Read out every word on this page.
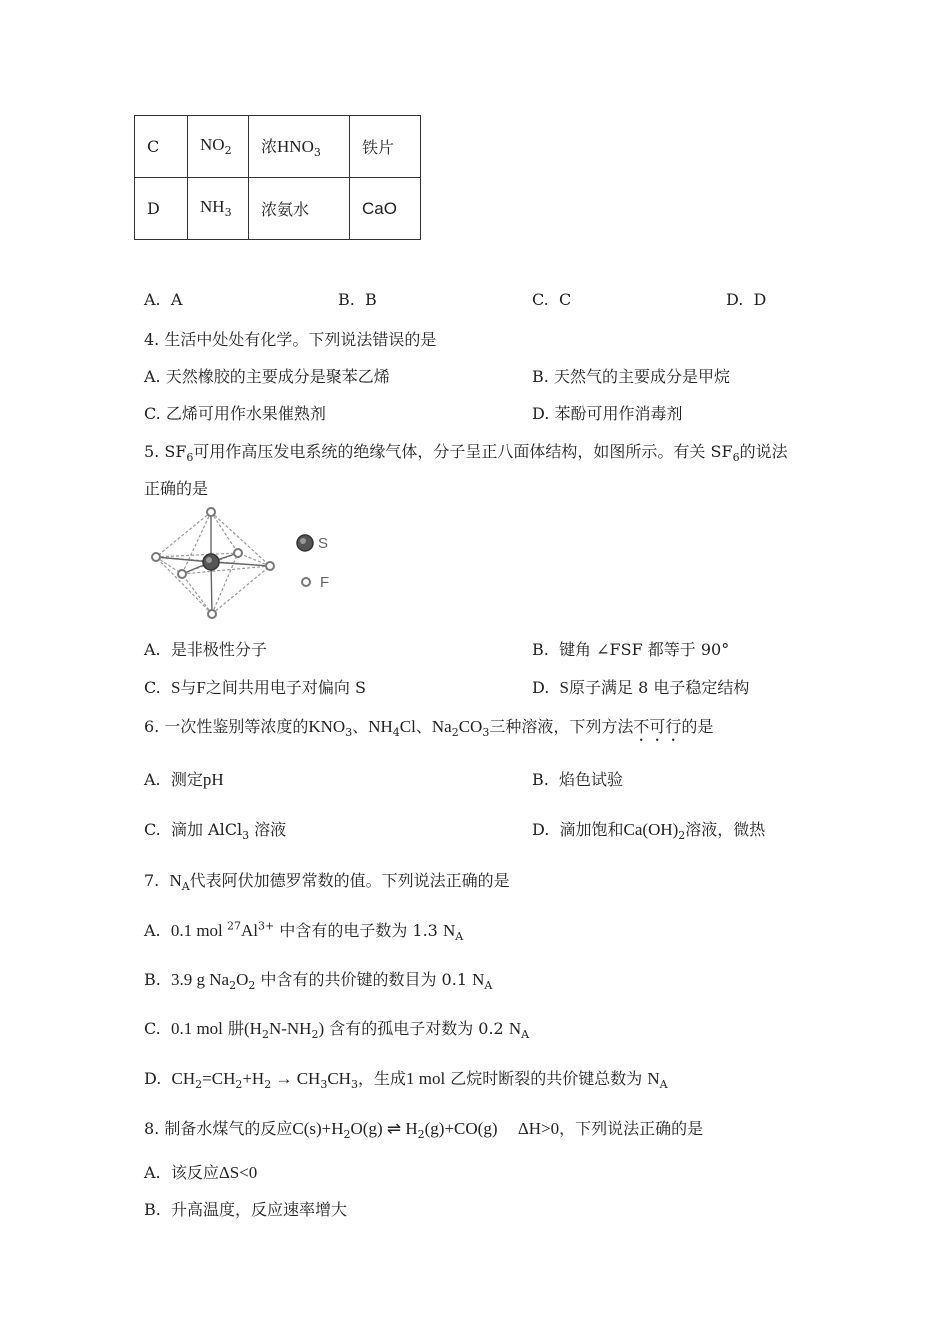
C	$NO_2$	浓$HNO_3$	铁片
D	$NH_3$	浓氨水	CaO
A. A	B. B	C. C	D. D
4. 生活中处处有化学。下列说法错误的是
A. 天然橡胶的主要成分是聚苯乙烯	B. 天然气的主要成分是甲烷
C. 乙烯可用作水果催熟剂	D. 苯酚可用作消毒剂
5. $SF_6$可用作高压发电系统的绝缘气体，分子呈正八面体结构，如图所示。有关 $SF_6$的说法
正确的是
S
F
A. 是非极性分子	B. 键角 ∠FSF 都等于 90°
C. S与F之间共用电子对偏向 S	D. S原子满足 8 电子稳定结构
6. 一次性鉴别等浓度的$KNO_3$、$NH_4Cl$、$Na_2CO_3$三种溶液，下列方法不可行的是
A. 测定pH	B. 焰色试验
C. 滴加 AlCl$_3$ 溶液	D. 滴加饱和$Ca(OH)_2$溶液，微热
7. $N_A$代表阿伏加德罗常数的值。下列说法正确的是
A. 0.1 mol $^{27}Al^{3+}$ 中含有的电子数为 1.3 $N_A$
B. 3.9 g $Na_2O_2$ 中含有的共价键的数目为 0.1 $N_A$
C. 0.1 mol 肼$(H_2N-NH_2)$ 含有的孤电子对数为 0.2 $N_A$
D. $CH_2=CH_2+H_2 \to CH_3CH_3$，生成1 mol 乙烷时断裂的共价键总数为 $N_A$
8. 制备水煤气的反应$C(s)+H_2O(g)$ ⇌ $H_2(g)+CO(g)$ ΔH>0，下列说法正确的是
A. 该反应ΔS<0
B. 升高温度，反应速率增大
